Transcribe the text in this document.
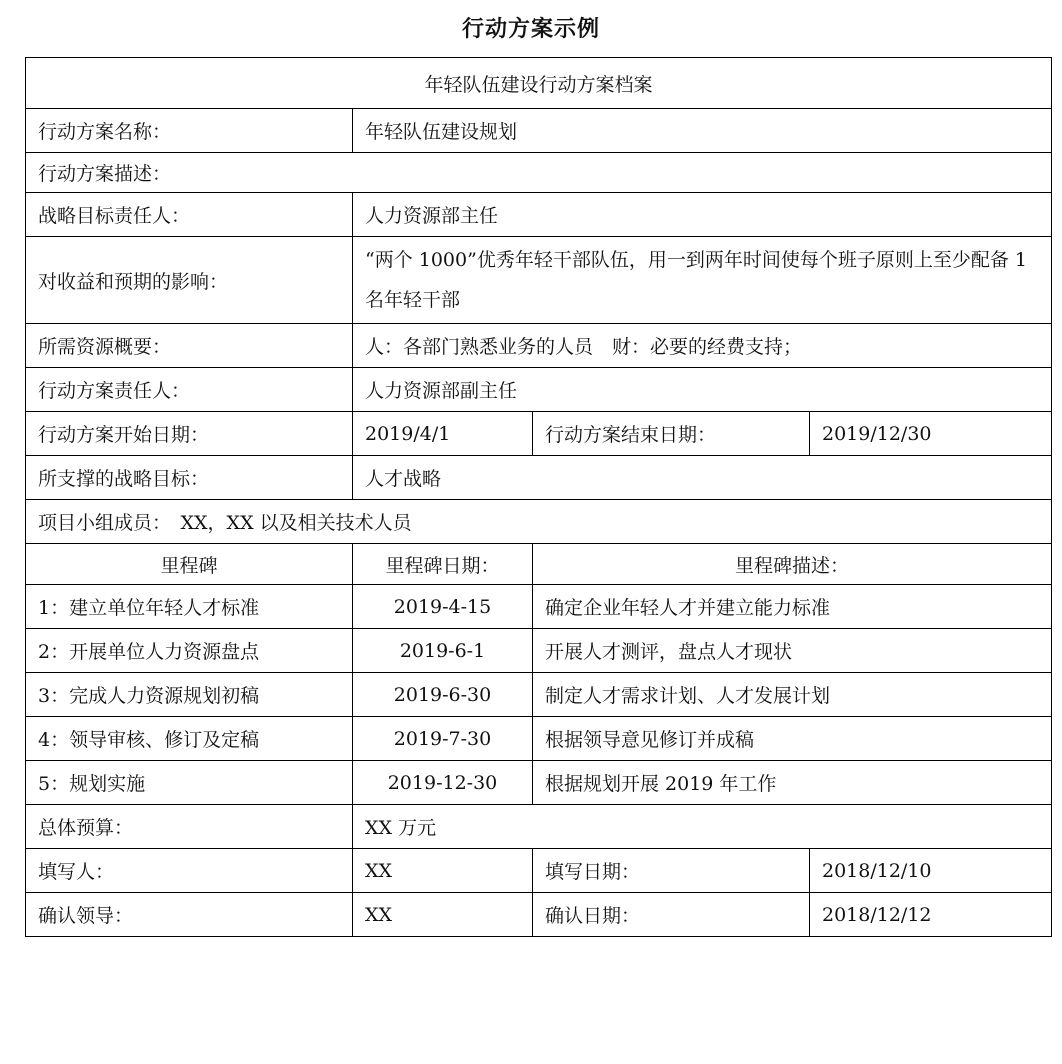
行动方案示例
年轻队伍建设行动方案档案			
行动方案名称：	年轻队伍建设规划		
行动方案描述：			
战略目标责任人：	人力资源部主任		
对收益和预期的影响：	“两个 1000”优秀年轻干部队伍，用一到两年时间使每个班子原则上至少配备 1 名年轻干部		
所需资源概要：	人：各部门熟悉业务的人员　财：必要的经费支持；		
行动方案责任人：	人力资源部副主任		
行动方案开始日期：	2019/4/1	行动方案结束日期：	2019/12/30
所支撑的战略目标：	人才战略		
项目小组成员：　XX，XX 以及相关技术人员			
里程碑	里程碑日期：	里程碑描述：	
1：建立单位年轻人才标准	2019-4-15	确定企业年轻人才并建立能力标准	
2：开展单位人力资源盘点	2019-6-1	开展人才测评，盘点人才现状	
3：完成人力资源规划初稿	2019-6-30	制定人才需求计划、人才发展计划	
4：领导审核、修订及定稿	2019-7-30	根据领导意见修订并成稿	
5：规划实施	2019-12-30	根据规划开展 2019 年工作	
总体预算：	XX 万元		
填写人：	XX	填写日期：	2018/12/10
确认领导：	XX	确认日期：	2018/12/12
